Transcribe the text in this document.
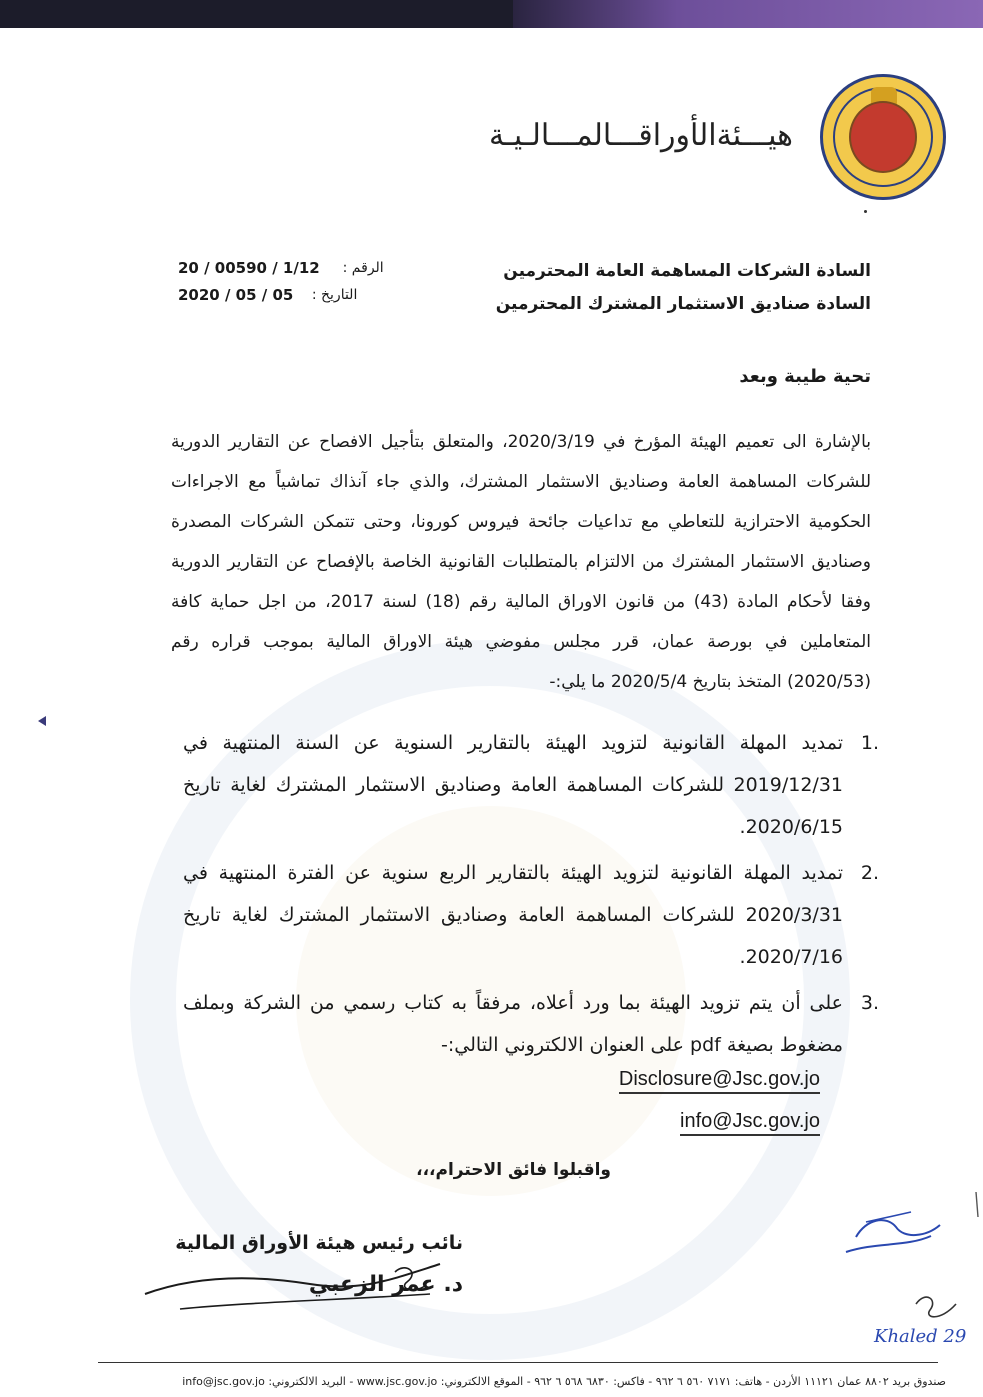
هيـــئةالأوراقـــالمـــالـيـة
السادة الشركات المساهمة العامة المحترمين
السادة صناديق الاستثمار المشترك المحترمين
الرقم :
20 / 00590 / 1/12
التاريخ :
2020 / 05 / 05
تحية طيبة وبعد
بالإشارة الى تعميم الهيئة المؤرخ في 2020/3/19، والمتعلق بتأجيل الافصاح عن التقارير الدورية للشركات المساهمة العامة وصناديق الاستثمار المشترك، والذي جاء آنذاك تماشياً مع الاجراءات الحكومية الاحترازية للتعاطي مع تداعيات جائحة فيروس كورونا، وحتى تتمكن الشركات المصدرة وصناديق الاستثمار المشترك من الالتزام بالمتطلبات القانونية الخاصة بالإفصاح عن التقارير الدورية وفقا لأحكام المادة (43) من قانون الاوراق المالية رقم (18) لسنة 2017، من اجل حماية كافة المتعاملين في بورصة عمان، قرر مجلس مفوضي هيئة الاوراق المالية بموجب قراره رقم (2020/53) المتخذ بتاريخ 2020/5/4 ما يلي:-
1.
تمديد المهلة القانونية لتزويد الهيئة بالتقارير السنوية عن السنة المنتهية في 2019/12/31 للشركات المساهمة العامة وصناديق الاستثمار المشترك لغاية تاريخ 2020/6/15.
2.
تمديد المهلة القانونية لتزويد الهيئة بالتقارير الربع سنوية عن الفترة المنتهية في 2020/3/31 للشركات المساهمة العامة وصناديق الاستثمار المشترك لغاية تاريخ 2020/7/16.
3.
على أن يتم تزويد الهيئة بما ورد أعلاه، مرفقاً به كتاب رسمي من الشركة وبملف مضغوط بصيغة pdf على العنوان الالكتروني التالي:-
Disclosure@Jsc.gov.jo
info@Jsc.gov.jo
واقبلوا فائق الاحترام،،،
نائب رئيس هيئة الأوراق المالية
د. عمر الزعبي
Khaled 29
صندوق بريد ٨٨٠٢ عمان ١١١٢١ الأردن - هاتف: ٧١٧١ ٥٦٠ ٦ ٩٦٢ - فاكس: ٦٨٣٠ ٥٦٨ ٦ ٩٦٢ - الموقع الالكتروني: www.jsc.gov.jo - البريد الالكتروني: info@jsc.gov.jo
